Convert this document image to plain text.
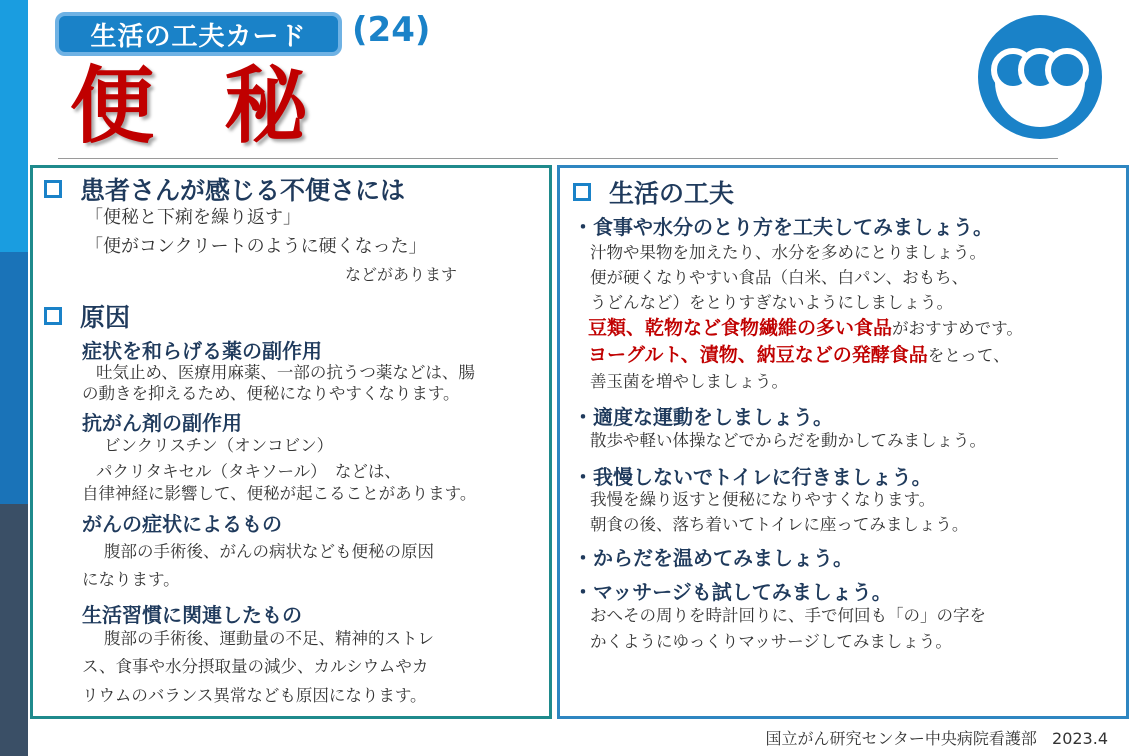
生活の工夫カード	(24)
便秘
患者さんが感じる不便さには
「便秘と下痢を繰り返す」
「便がコンクリートのように硬くなった」
などがあります
原因
症状を和らげる薬の副作用
吐気止め、医療用麻薬、一部の抗うつ薬などは、腸
の動きを抑えるため、便秘になりやすくなります。
抗がん剤の副作用
ビンクリスチン（オンコビン）
パクリタキセル（タキソール）　などは、
自律神経に影響して、便秘が起こることがあります。
がんの症状によるもの
腹部の手術後、がんの病状なども便秘の原因
になります。
生活習慣に関連したもの
腹部の手術後、運動量の不足、精神的ストレ
ス、食事や水分摂取量の減少、カルシウムやカ
リウムのバランス異常なども原因になります。
生活の工夫
・食事や水分のとり方を工夫してみましょう。
汁物や果物を加えたり、水分を多めにとりましょう。
便が硬くなりやすい食品（白米、白パン、おもち、
うどんなど）をとりすぎないようにしましょう。
豆類、乾物など食物繊維の多い食品がおすすめです。
ヨーグルト、漬物、納豆などの発酵食品をとって、
善玉菌を増やしましょう。
・適度な運動をしましょう。
散歩や軽い体操などでからだを動かしてみましょう。
・我慢しないでトイレに行きましょう。
我慢を繰り返すと便秘になりやすくなります。
朝食の後、落ち着いてトイレに座ってみましょう。
・からだを温めてみましょう。
・マッサージも試してみましょう。
おへその周りを時計回りに、手で何回も「の」の字を
かくようにゆっくりマッサージしてみましょう。
国立がん研究センター中央病院看護部 2023.4
